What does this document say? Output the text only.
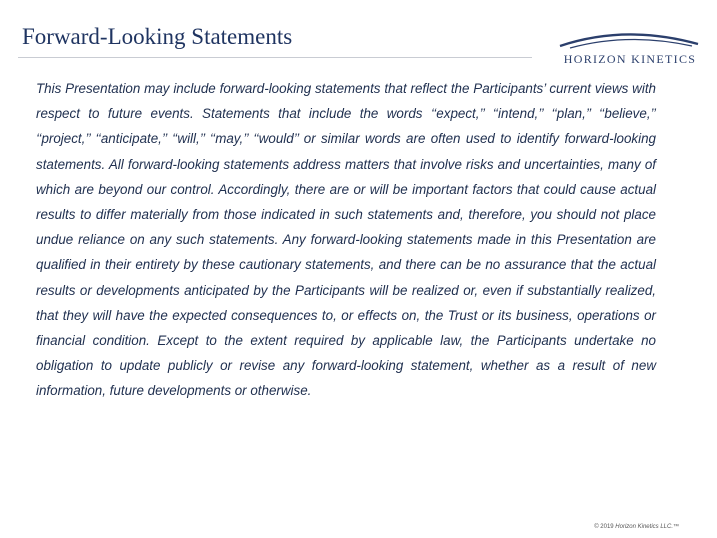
Forward-Looking Statements
HORIZON KINETICS

This Presentation may include forward-looking statements that reflect the Participants’ current views with respect to future events. Statements that include the words ‘‘expect,’’ ‘‘intend,’’ ‘‘plan,’’ ‘‘believe,’’ ‘‘project,’’ ‘‘anticipate,’’ ‘‘will,’’ ‘‘may,’’ ‘‘would’’ or similar words are often used to identify forward-looking statements. All forward-looking statements address matters that involve risks and uncertainties, many of which are beyond our control. Accordingly, there are or will be important factors that could cause actual results to differ materially from those indicated in such statements and, therefore, you should not place undue reliance on any such statements. Any forward-looking statements made in this Presentation are qualified in their entirety by these cautionary statements, and there can be no assurance that the actual results or developments anticipated by the Participants will be realized or, even if substantially realized, that they will have the expected consequences to, or effects on, the Trust or its business, operations or financial condition. Except to the extent required by applicable law, the Participants undertake no obligation to update publicly or revise any forward-looking statement, whether as a result of new information, future developments or otherwise.

© 2019 Horizon Kinetics LLC.™
